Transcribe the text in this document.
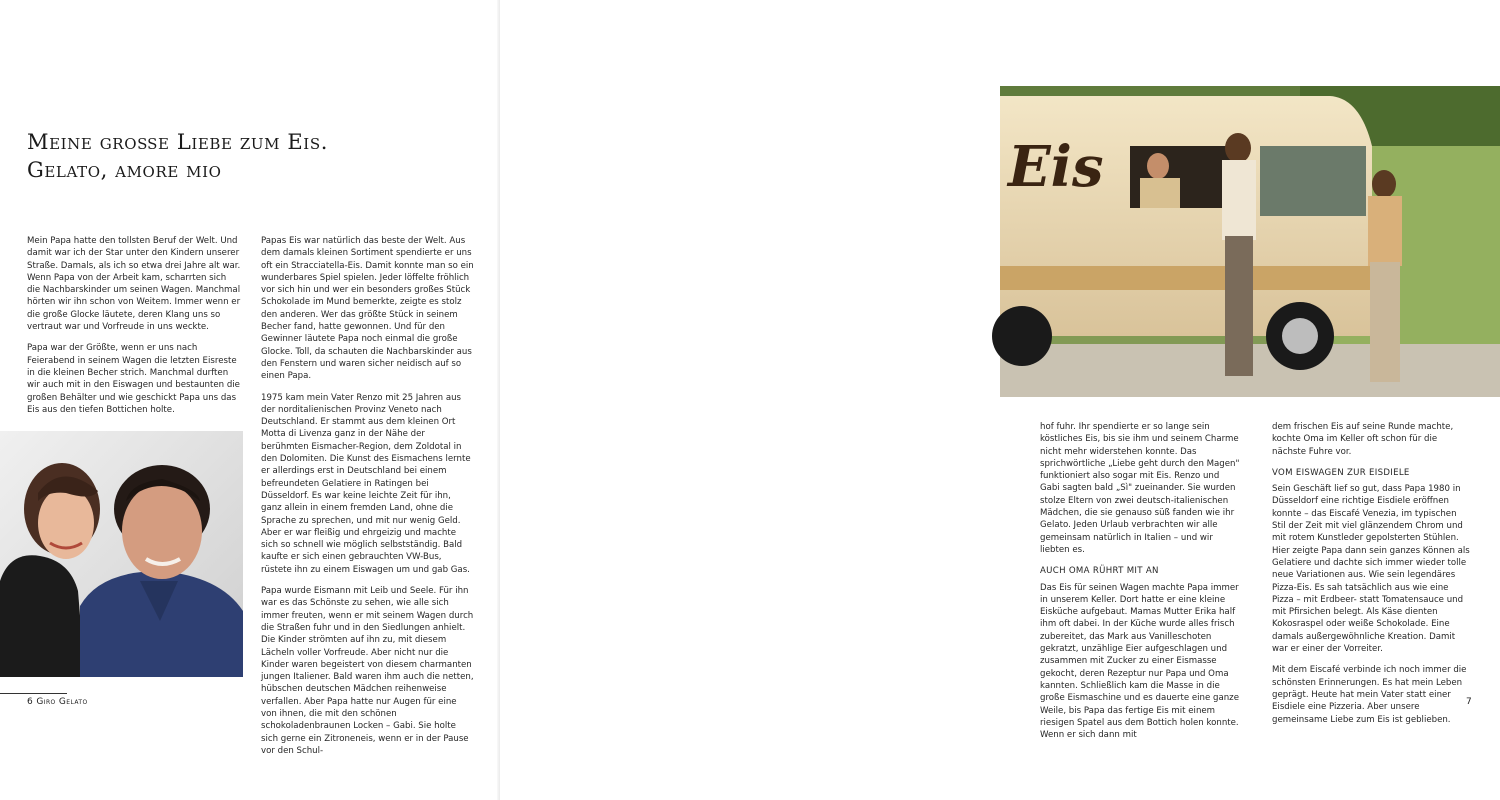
Meine große Liebe zum Eis.
Gelato, amore mio

Mein Papa hatte den tollsten Beruf der Welt. Und damit war ich der Star unter den Kindern unserer Straße. Damals, als ich so etwa drei Jahre alt war. Wenn Papa von der Arbeit kam, scharrten sich die Nachbarskinder um seinen Wagen. Manchmal hörten wir ihn schon von Weitem. Immer wenn er die große Glocke läutete, deren Klang uns so vertraut war und Vorfreude in uns weckte.

Papa war der Größte, wenn er uns nach Feierabend in seinem Wagen die letzten Eisreste in die kleinen Becher strich. Manchmal durften wir auch mit in den Eiswagen und bestaunten die großen Behälter und wie geschickt Papa uns das Eis aus den tiefen Bottichen holte.

Papas Eis war natürlich das beste der Welt. Aus dem damals kleinen Sortiment spendierte er uns oft ein Stracciatella-Eis. Damit konnte man so ein wunderbares Spiel spielen. Jeder löffelte fröhlich vor sich hin und wer ein besonders großes Stück Schokolade im Mund bemerkte, zeigte es stolz den anderen. Wer das größte Stück in seinem Becher fand, hatte gewonnen. Und für den Gewinner läutete Papa noch einmal die große Glocke. Toll, da schauten die Nachbarskinder aus den Fenstern und waren sicher neidisch auf so einen Papa.

1975 kam mein Vater Renzo mit 25 Jahren aus der norditalienischen Provinz Veneto nach Deutschland. Er stammt aus dem kleinen Ort Motta di Livenza ganz in der Nähe der berühmten Eismacher-Region, dem Zoldotal in den Dolomiten. Die Kunst des Eismachens lernte er allerdings erst in Deutschland bei einem befreundeten Gelatiere in Ratingen bei Düsseldorf. Es war keine leichte Zeit für ihn, ganz allein in einem fremden Land, ohne die Sprache zu sprechen, und mit nur wenig Geld. Aber er war fleißig und ehrgeizig und machte sich so schnell wie möglich selbstständig. Bald kaufte er sich einen gebrauchten VW-Bus, rüstete ihn zu einem Eiswagen um und gab Gas.

Papa wurde Eismann mit Leib und Seele. Für ihn war es das Schönste zu sehen, wie alle sich immer freuten, wenn er mit seinem Wagen durch die Straßen fuhr und in den Siedlungen anhielt. Die Kinder strömten auf ihn zu, mit diesem Lächeln voller Vorfreude. Aber nicht nur die Kinder waren begeistert von diesem charmanten jungen Italiener. Bald waren ihm auch die netten, hübschen deutschen Mädchen reihenweise verfallen. Aber Papa hatte nur Augen für eine von ihnen, die mit den schönen schokoladenbraunen Locken – Gabi. Sie holte sich gerne ein Zitroneneis, wenn er in der Pause vor den Schul-

6 Giro Gelato
Eis

hof fuhr. Ihr spendierte er so lange sein köstliches Eis, bis sie ihm und seinem Charme nicht mehr widerstehen konnte. Das sprichwörtliche „Liebe geht durch den Magen" funktioniert also sogar mit Eis. Renzo und Gabi sagten bald „Sì" zueinander. Sie wurden stolze Eltern von zwei deutsch-italienischen Mädchen, die sie genauso süß fanden wie ihr Gelato. Jeden Urlaub verbrachten wir alle gemeinsam natürlich in Italien – und wir liebten es.

AUCH OMA RÜHRT MIT AN

Das Eis für seinen Wagen machte Papa immer in unserem Keller. Dort hatte er eine kleine Eisküche aufgebaut. Mamas Mutter Erika half ihm oft dabei. In der Küche wurde alles frisch zubereitet, das Mark aus Vanilleschoten gekratzt, unzählige Eier aufgeschlagen und zusammen mit Zucker zu einer Eismasse gekocht, deren Rezeptur nur Papa und Oma kannten. Schließlich kam die Masse in die große Eismaschine und es dauerte eine ganze Weile, bis Papa das fertige Eis mit einem riesigen Spatel aus dem Bottich holen konnte. Wenn er sich dann mit

dem frischen Eis auf seine Runde machte, kochte Oma im Keller oft schon für die nächste Fuhre vor.

VOM EISWAGEN ZUR EISDIELE

Sein Geschäft lief so gut, dass Papa 1980 in Düsseldorf eine richtige Eisdiele eröffnen konnte – das Eiscafé Venezia, im typischen Stil der Zeit mit viel glänzendem Chrom und mit rotem Kunstleder gepolsterten Stühlen. Hier zeigte Papa dann sein ganzes Können als Gelatiere und dachte sich immer wieder tolle neue Variationen aus. Wie sein legendäres Pizza-Eis. Es sah tatsächlich aus wie eine Pizza – mit Erdbeer- statt Tomatensauce und mit Pfirsichen belegt. Als Käse dienten Kokosraspel oder weiße Schokolade. Eine damals außergewöhnliche Kreation. Damit war er einer der Vorreiter.

Mit dem Eiscafé verbinde ich noch immer die schönsten Erinnerungen. Es hat mein Leben geprägt. Heute hat mein Vater statt einer Eisdiele eine Pizzeria. Aber unsere gemeinsame Liebe zum Eis ist geblieben.

7
